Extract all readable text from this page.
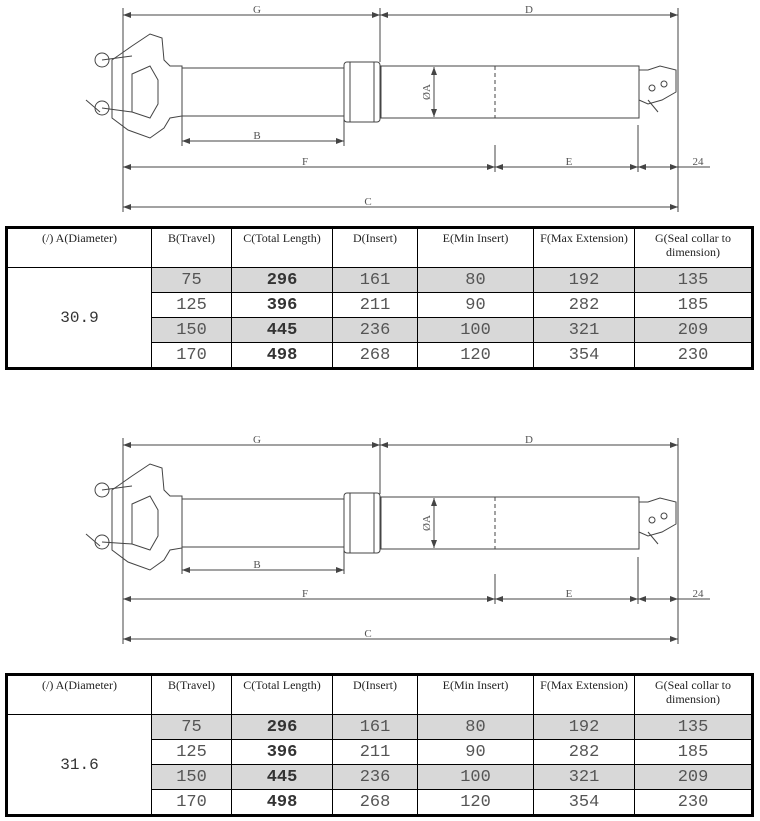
G	D
ØA
B
F	E	24
C
(/) A(Diameter)	B(Travel)	C(Total Length)	D(Insert)	E(Min Insert)	F(Max Extension)	G(Seal collar to dimension)
30.9	75	296	161	80	192	135
	125	396	211	90	282	185
	150	445	236	100	321	209
	170	498	268	120	354	230
G	D
ØA
B
F	E	24
C
(/) A(Diameter)	B(Travel)	C(Total Length)	D(Insert)	E(Min Insert)	F(Max Extension)	G(Seal collar to dimension)
31.6	75	296	161	80	192	135
	125	396	211	90	282	185
	150	445	236	100	321	209
	170	498	268	120	354	230
